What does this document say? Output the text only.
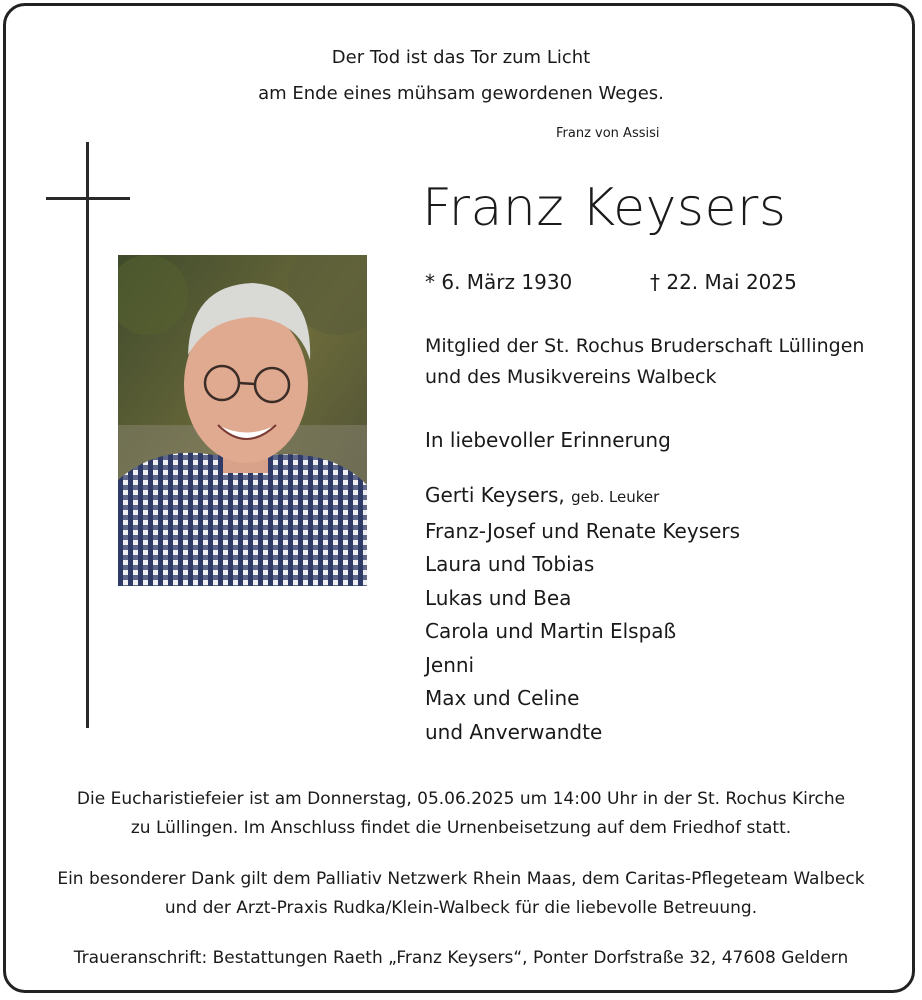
Der Tod ist das Tor zum Licht
am Ende eines mühsam gewordenen Weges.
Franz von Assisi
Franz Keysers
* 6. März 1930	† 22. Mai 2025
Mitglied der St. Rochus Bruderschaft Lüllingen
und des Musikvereins Walbeck
In liebevoller Erinnerung
Gerti Keysers, geb. Leuker
Franz-Josef und Renate Keysers
Laura und Tobias
Lukas und Bea
Carola und Martin Elspaß
Jenni
Max und Celine
und Anverwandte
Die Eucharistiefeier ist am Donnerstag, 05.06.2025 um 14:00 Uhr in der St. Rochus Kirche
zu Lüllingen. Im Anschluss findet die Urnenbeisetzung auf dem Friedhof statt.
Ein besonderer Dank gilt dem Palliativ Netzwerk Rhein Maas, dem Caritas-Pflegeteam Walbeck
und der Arzt-Praxis Rudka/Klein-Walbeck für die liebevolle Betreuung.
Traueranschrift: Bestattungen Raeth „Franz Keysers“, Ponter Dorfstraße 32, 47608 Geldern
